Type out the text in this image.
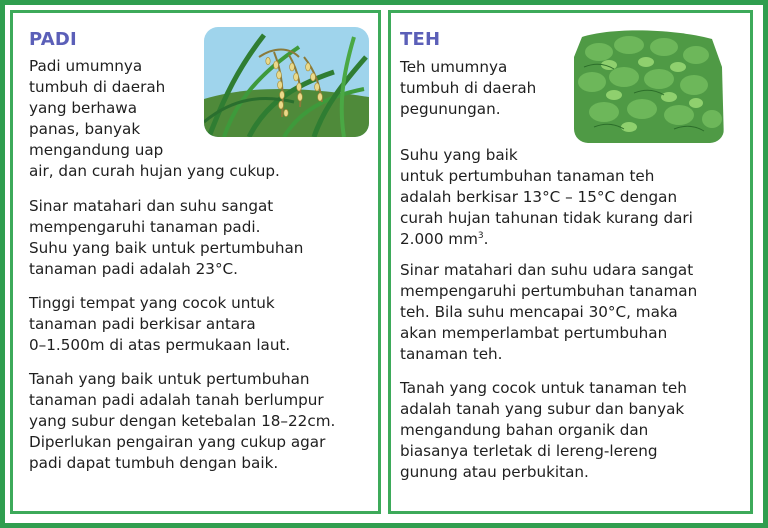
PADI

Padi umumnya
tumbuh di daerah
yang berhawa
panas, banyak
mengandung uap

air, dan curah hujan yang cukup.

Sinar matahari dan suhu sangat
mempengaruhi tanaman padi.
Suhu yang baik untuk pertumbuhan
tanaman padi adalah 23°C.

Tinggi tempat yang cocok untuk
tanaman padi berkisar antara
0–1.500m di atas permukaan laut.

Tanah yang baik untuk pertumbuhan
tanaman padi adalah tanah berlumpur
yang subur dengan ketebalan 18–22cm.
Diperlukan pengairan yang cukup agar
padi dapat tumbuh dengan baik.

TEH

Teh umumnya
tumbuh di daerah
pegunungan.

Suhu yang baik

untuk pertumbuhan tanaman teh
adalah berkisar 13°C – 15°C dengan
curah hujan tahunan tidak kurang dari
2.000 $mm^3$.

Sinar matahari dan suhu udara sangat
mempengaruhi pertumbuhan tanaman
teh. Bila suhu mencapai 30°C, maka
akan memperlambat pertumbuhan
tanaman teh.

Tanah yang cocok untuk tanaman teh
adalah tanah yang subur dan banyak
mengandung bahan organik dan
biasanya terletak di lereng-lereng
gunung atau perbukitan.
